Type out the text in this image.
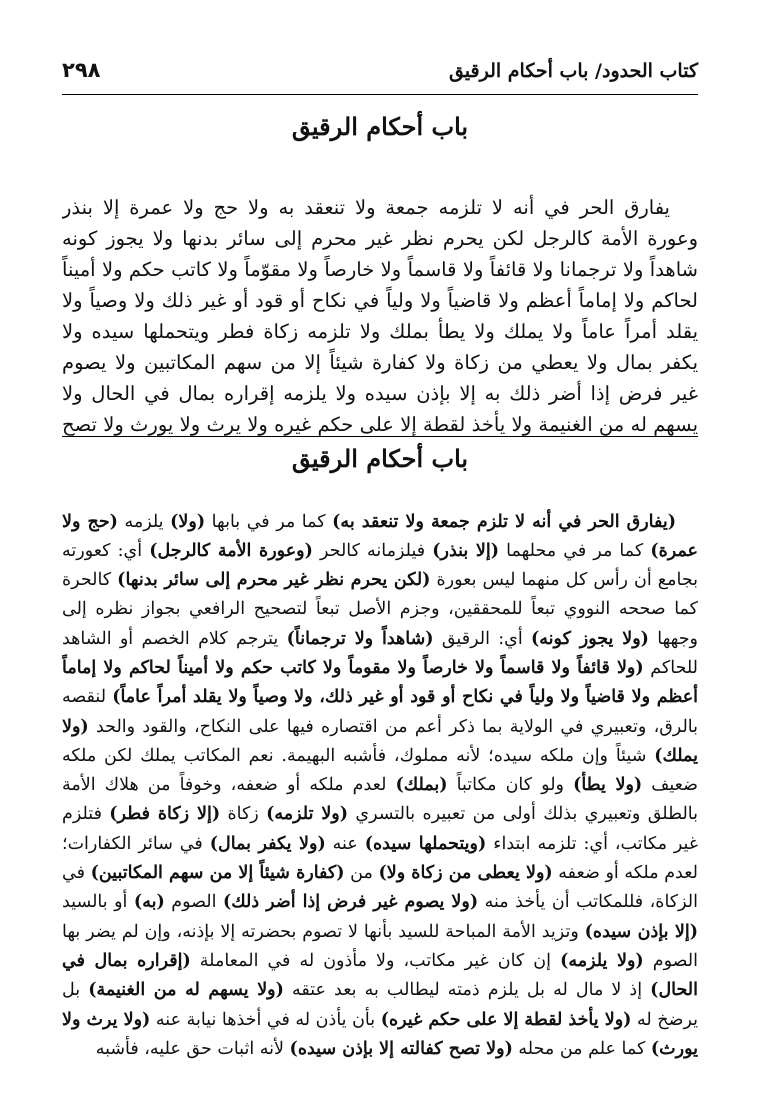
كتاب الحدود/ باب أحكام الرقيق
٢٩٨
باب أحكام الرقيق

يفارق الحر في أنه لا تلزمه جمعة ولا تنعقد به ولا حج ولا عمرة إلا بنذر وعورة الأمة كالرجل لكن يحرم نظر غير محرم إلى سائر بدنها ولا يجوز كونه شاهداً ولا ترجمانا ولا قائفاً ولا قاسماً ولا خارصاً ولا مقوّماً ولا كاتب حكم ولا أميناً لحاكم ولا إماماً أعظم ولا قاضياً ولا ولياً في نكاح أو قود أو غير ذلك ولا وصياً ولا يقلد أمراً عاماً ولا يملك ولا يطأ بملك ولا تلزمه زكاة فطر ويتحملها سيده ولا يكفر بمال ولا يعطي من زكاة ولا كفارة شيئاً إلا من سهم المكاتبين ولا يصوم غير فرض إذا أضر ذلك به إلا بإذن سيده ولا يلزمه إقراره بمال في الحال ولا يسهم له من الغنيمة ولا يأخذ لقطة إلا على حكم غيره ولا يرث ولا يورث ولا تصح

باب أحكام الرقيق

(يفارق الحر في أنه لا تلزم جمعة ولا تنعقد به) كما مر في بابها (ولا) يلزمه (حج ولا عمرة) كما مر في محلهما (إلا بنذر) فيلزمانه كالحر (وعورة الأمة كالرجل) أي: كعورته بجامع أن رأس كل منهما ليس بعورة (لكن يحرم نظر غير محرم إلى سائر بدنها) كالحرة كما صححه النووي تبعاً للمحققين، وجزم الأصل تبعاً لتصحيح الرافعي بجواز نظره إلى وجهها (ولا يجوز كونه) أي: الرقيق (شاهداً ولا ترجماناً) يترجم كلام الخصم أو الشاهد للحاكم (ولا قائفاً ولا قاسماً ولا خارصاً ولا مقوماً ولا كاتب حكم ولا أميناً لحاكم ولا إماماً أعظم ولا قاضياً ولا ولياً في نكاح أو قود أو غير ذلك، ولا وصياً ولا يقلد أمراً عاماً) لنقصه بالرق، وتعبيري في الولاية بما ذكر أعم من اقتصاره فيها على النكاح، والقود والحد (ولا يملك) شيئاً وإن ملكه سيده؛ لأنه مملوك، فأشبه البهيمة. نعم المكاتب يملك لكن ملكه ضعيف (ولا يطأ) ولو كان مكاتباً (بملك) لعدم ملكه أو ضعفه، وخوفاً من هلاك الأمة بالطلق وتعبيري بذلك أولى من تعبيره بالتسري (ولا تلزمه) زكاة (إلا زكاة فطر) فتلزم غير مكاتب، أي: تلزمه ابتداء (ويتحملها سيده) عنه (ولا يكفر بمال) في سائر الكفارات؛ لعدم ملكه أو ضعفه (ولا يعطى من زكاة ولا) من (كفارة شيئاً إلا من سهم المكاتبين) في الزكاة، فللمكاتب أن يأخذ منه (ولا يصوم غير فرض إذا أضر ذلك) الصوم (به) أو بالسيد (إلا بإذن سيده) وتزيد الأمة المباحة للسيد بأنها لا تصوم بحضرته إلا بإذنه، وإن لم يضر بها الصوم (ولا يلزمه) إن كان غير مكاتب، ولا مأذون له في المعاملة (إقراره بمال في الحال) إذ لا مال له بل يلزم ذمته ليطالب به بعد عتقه (ولا يسهم له من الغنيمة) بل يرضخ له (ولا يأخذ لقطة إلا على حكم غيره) بأن يأذن له في أخذها نيابة عنه (ولا يرث ولا يورث) كما علم من محله (ولا تصح كفالته إلا بإذن سيده) لأنه اثبات حق عليه، فأشبه
